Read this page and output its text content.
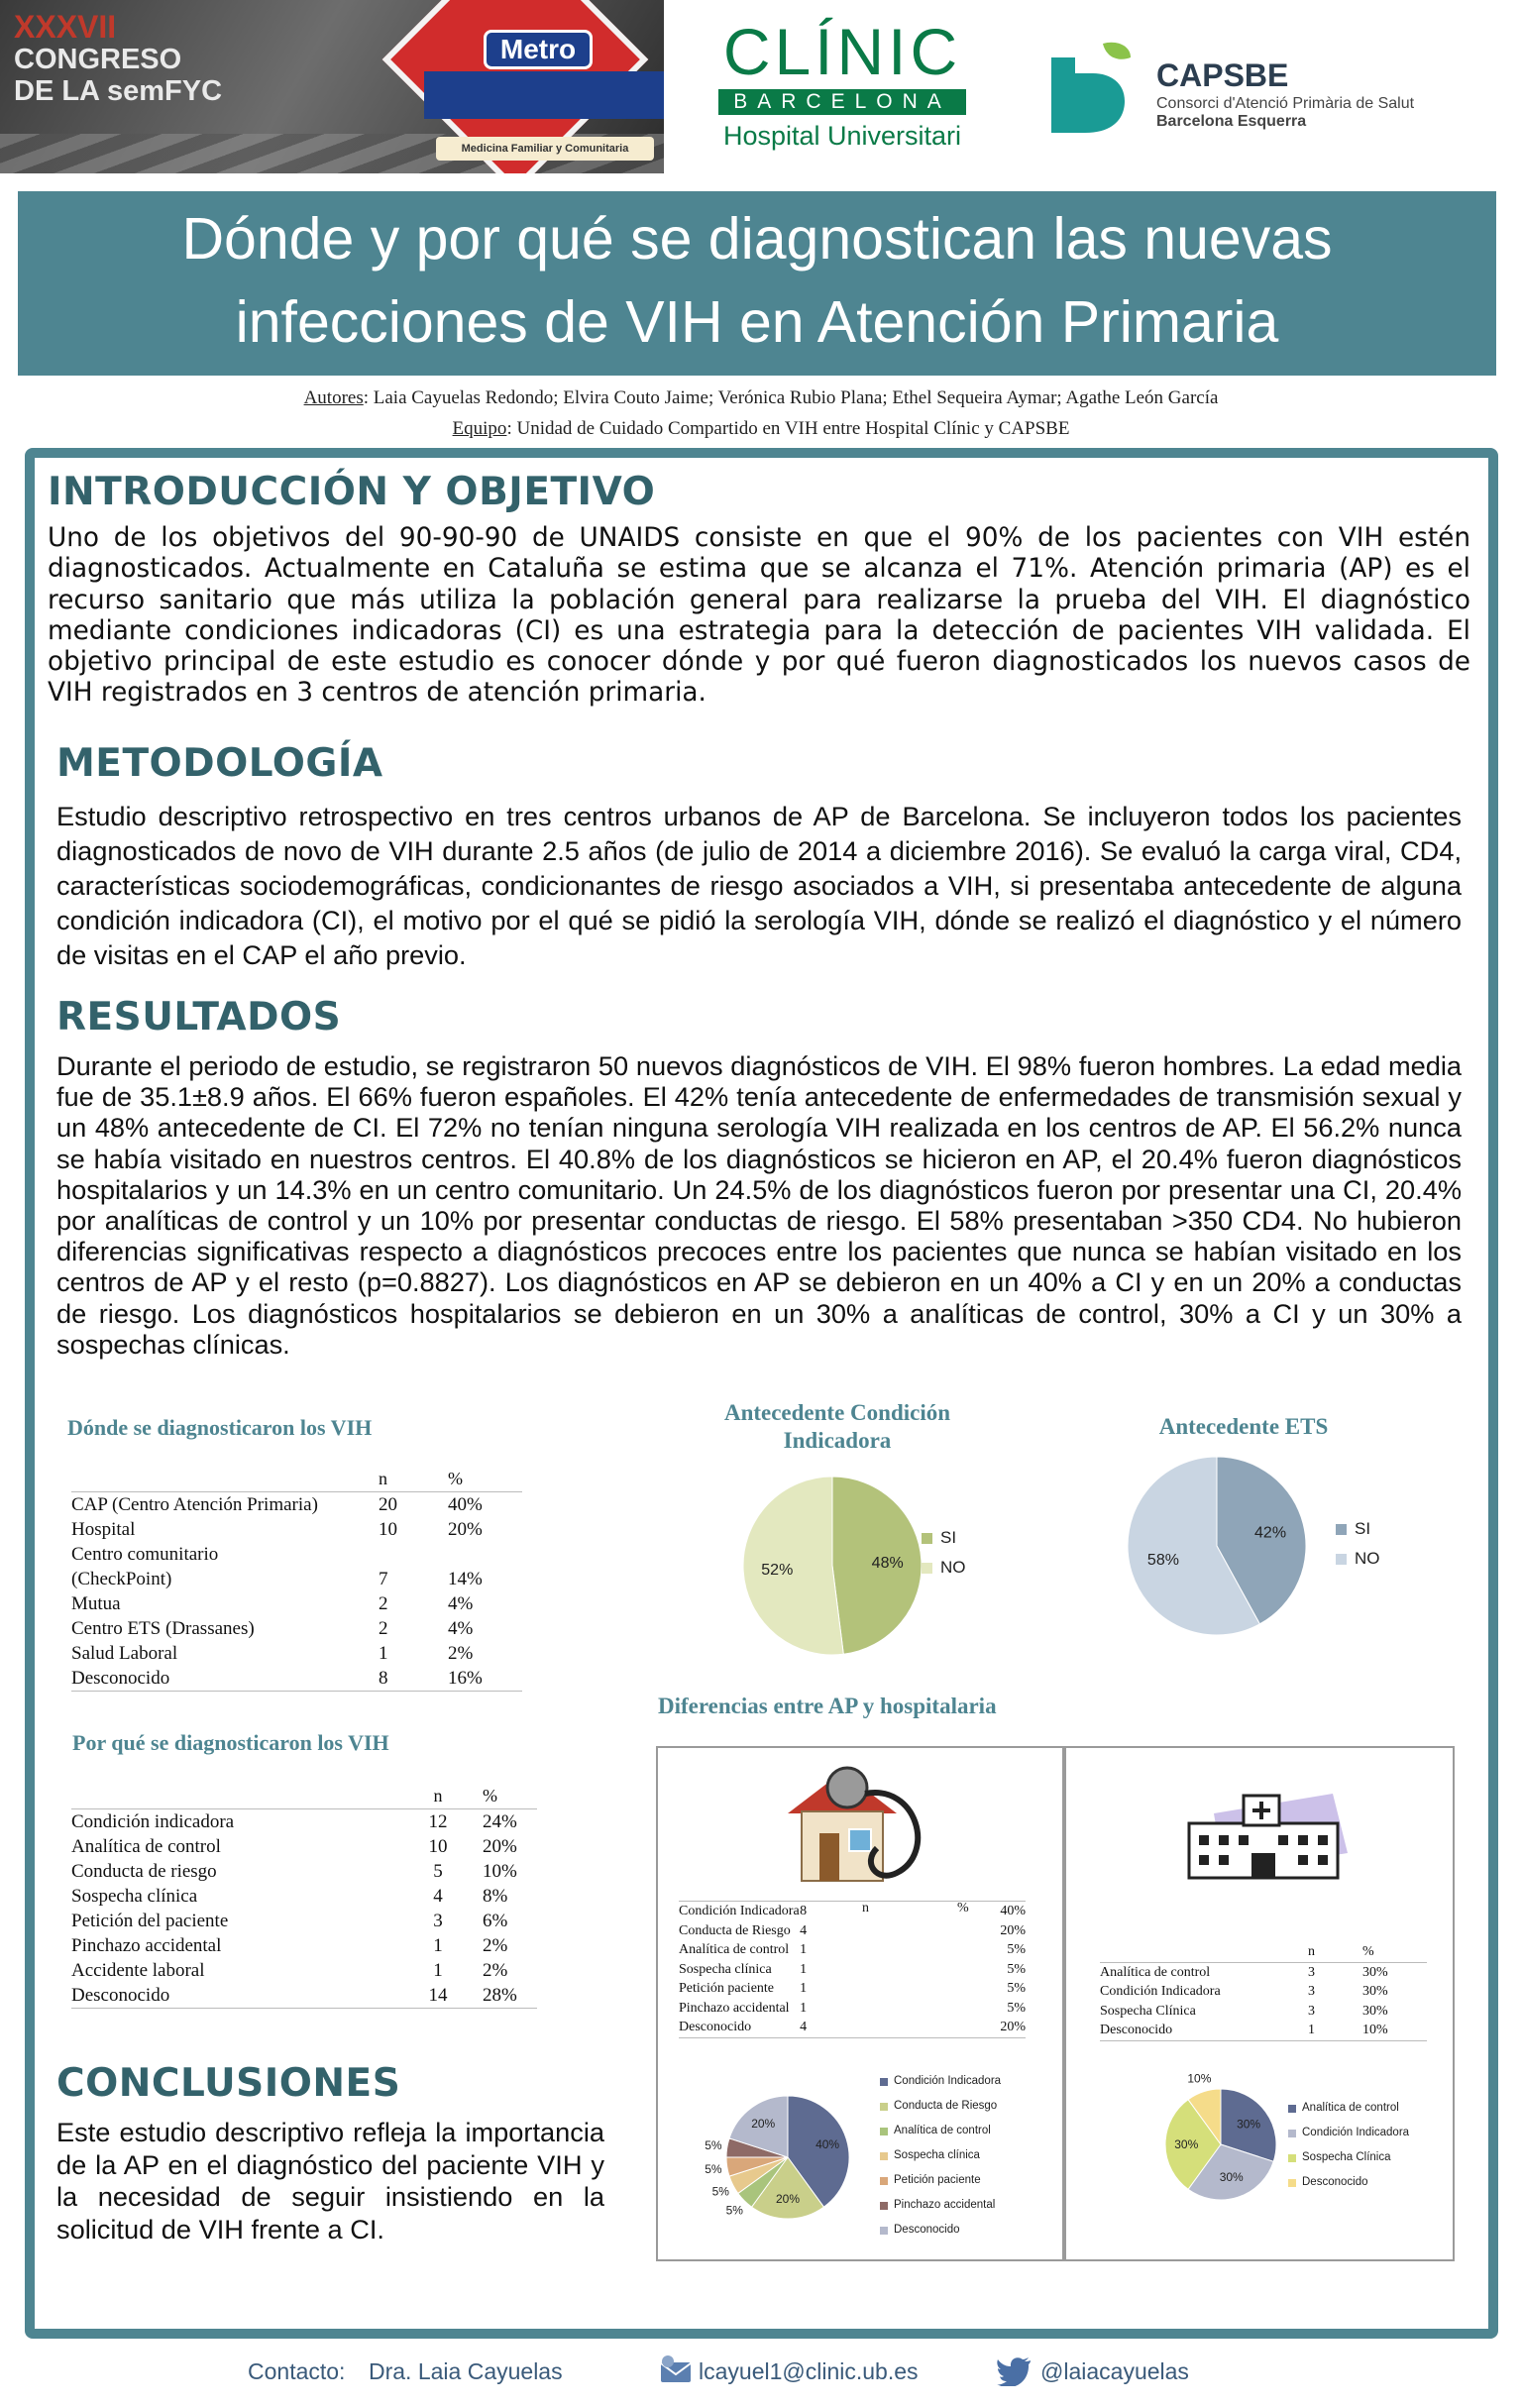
XXXVII
CONGRESO
DE LA semFYC
Metro
Medicina Familiar y Comunitaria
CLÍNIC
BARCELONA
Hospital Universitari
CAPSBE
Consorci d'Atenció Primària de Salut
Barcelona Esquerra
Dónde y por qué se diagnostican las nuevas
infecciones de VIH en Atención Primaria
Autores: Laia Cayuelas Redondo; Elvira Couto Jaime; Verónica Rubio Plana; Ethel Sequeira Aymar; Agathe León García
Equipo: Unidad de Cuidado Compartido en VIH entre Hospital Clínic y CAPSBE
INTRODUCCIÓN Y OBJETIVO
Uno de los objetivos del 90-90-90 de UNAIDS consiste en que el 90% de los pacientes con VIH estén diagnosticados. Actualmente en Cataluña se estima que se alcanza el 71%. Atención primaria (AP) es el recurso sanitario que más utiliza la población general para realizarse la prueba del VIH. El diagnóstico mediante condiciones indicadoras (CI) es una estrategia para la detección de pacientes VIH validada. El objetivo principal de este estudio es conocer dónde y por qué fueron diagnosticados los nuevos casos de VIH registrados en 3 centros de atención primaria.
METODOLOGÍA
Estudio descriptivo retrospectivo en tres centros urbanos de AP de Barcelona. Se incluyeron todos los pacientes diagnosticados de novo de VIH durante 2.5 años (de julio de 2014 a diciembre 2016). Se evaluó la carga viral, CD4, características sociodemográficas, condicionantes de riesgo asociados a VIH, si presentaba antecedente de alguna condición indicadora (CI), el motivo por el qué se pidió la serología VIH, dónde se realizó el diagnóstico y el número de visitas en el CAP el año previo.
RESULTADOS
Durante el periodo de estudio, se registraron 50 nuevos diagnósticos de VIH. El 98% fueron hombres. La edad media fue de 35.1±8.9 años. El 66% fueron españoles. El 42% tenía antecedente de enfermedades de transmisión sexual y un 48% antecedente de CI. El 72% no tenían ninguna serología VIH realizada en los centros de AP. El 56.2% nunca se había visitado en nuestros centros. El 40.8% de los diagnósticos se hicieron en AP, el 20.4% fueron diagnósticos hospitalarios y un 14.3% en un centro comunitario. Un 24.5% de los diagnósticos fueron por presentar una CI, 20.4% por analíticas de control y un 10% por presentar conductas de riesgo. El 58% presentaban >350 CD4. No hubieron diferencias significativas respecto a diagnósticos precoces entre los pacientes que nunca se habían visitado en los centros de AP y el resto (p=0.8827). Los diagnósticos en AP se debieron en un 40% a CI y en un 20% a conductas de riesgo. Los diagnósticos hospitalarios se debieron en un 30% a analíticas de control, 30% a CI y un 30% a sospechas clínicas.
Dónde se diagnosticaron los VIH
	n	%
CAP (Centro Atención Primaria)	20	40%
Hospital	10	20%
Centro comunitario		
(CheckPoint)	7	14%
Mutua	2	4%
Centro ETS (Drassanes)	2	4%
Salud Laboral	1	2%
Desconocido	8	16%
Por qué se diagnosticaron los VIH
	n	%
Condición indicadora	12	24%
Analítica de control	10	20%
Conducta de riesgo	5	10%
Sospecha clínica	4	8%
Petición del paciente	3	6%
Pinchazo accidental	1	2%
Accidente laboral	1	2%
Desconocido	14	28%
CONCLUSIONES
Este estudio descriptivo refleja la importancia de la AP en el diagnóstico del paciente VIH y la necesidad de seguir insistiendo en la solicitud de VIH frente a CI.
Antecedente Condición Indicadora
48%
52%
SI
NO
Antecedente ETS
42%
58%
SI
NO
Diferencias entre AP y hospitalaria

Condición Indicadora	8	40%
Conducta de Riesgo	4	20%
Analítica de control	1	5%
Sospecha clínica	1	5%
Petición paciente	1	5%
Pinchazo accidental	1	5%
Desconocido	4	20%
n	%
40%
20%
5%
5%
5%
5%
20%
Condición Indicadora
Conducta de Riesgo
Analítica de control
Sospecha clínica
Petición paciente
Pinchazo accidental
Desconocido
	n	%
Analítica de control	3	30%
Condición Indicadora	3	30%
Sospecha Clínica	3	30%
Desconocido	1	10%
30%
30%
30%
10%
Analítica de control
Condición Indicadora
Sospecha Clínica
Desconocido
Contacto: Dra. Laia Cayuelas	lcayuel1@clinic.ub.es	@laiacayuelas
